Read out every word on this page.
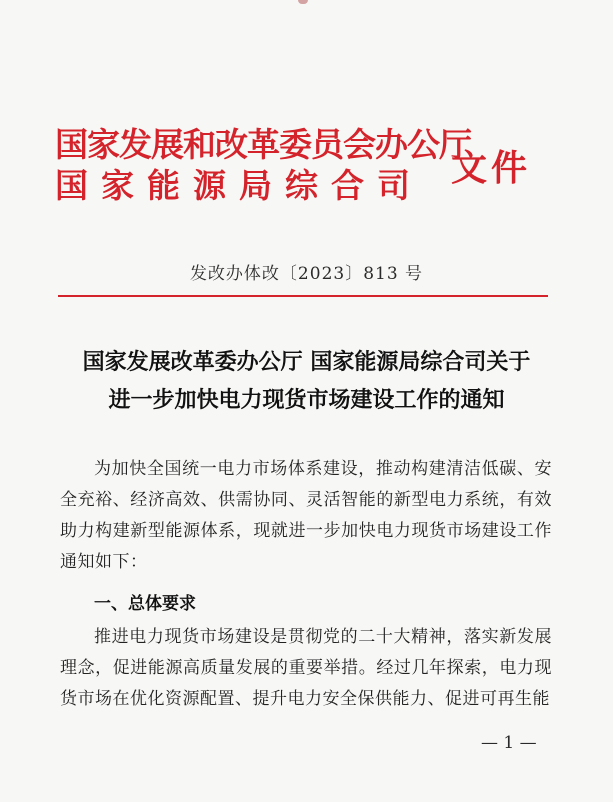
国家发展和改革委员会办公厅
国家能源局综合司 文件
发改办体改〔2023〕813 号
国家发展改革委办公厅 国家能源局综合司关于
进一步加快电力现货市场建设工作的通知
为加快全国统一电力市场体系建设，推动构建清洁低碳、安全充裕、经济高效、供需协同、灵活智能的新型电力系统，有效助力构建新型能源体系，现就进一步加快电力现货市场建设工作通知如下：
一、总体要求
推进电力现货市场建设是贯彻党的二十大精神，落实新发展理念，促进能源高质量发展的重要举措。经过几年探索，电力现货市场在优化资源配置、提升电力安全保供能力、促进可再生能
— 1 —
